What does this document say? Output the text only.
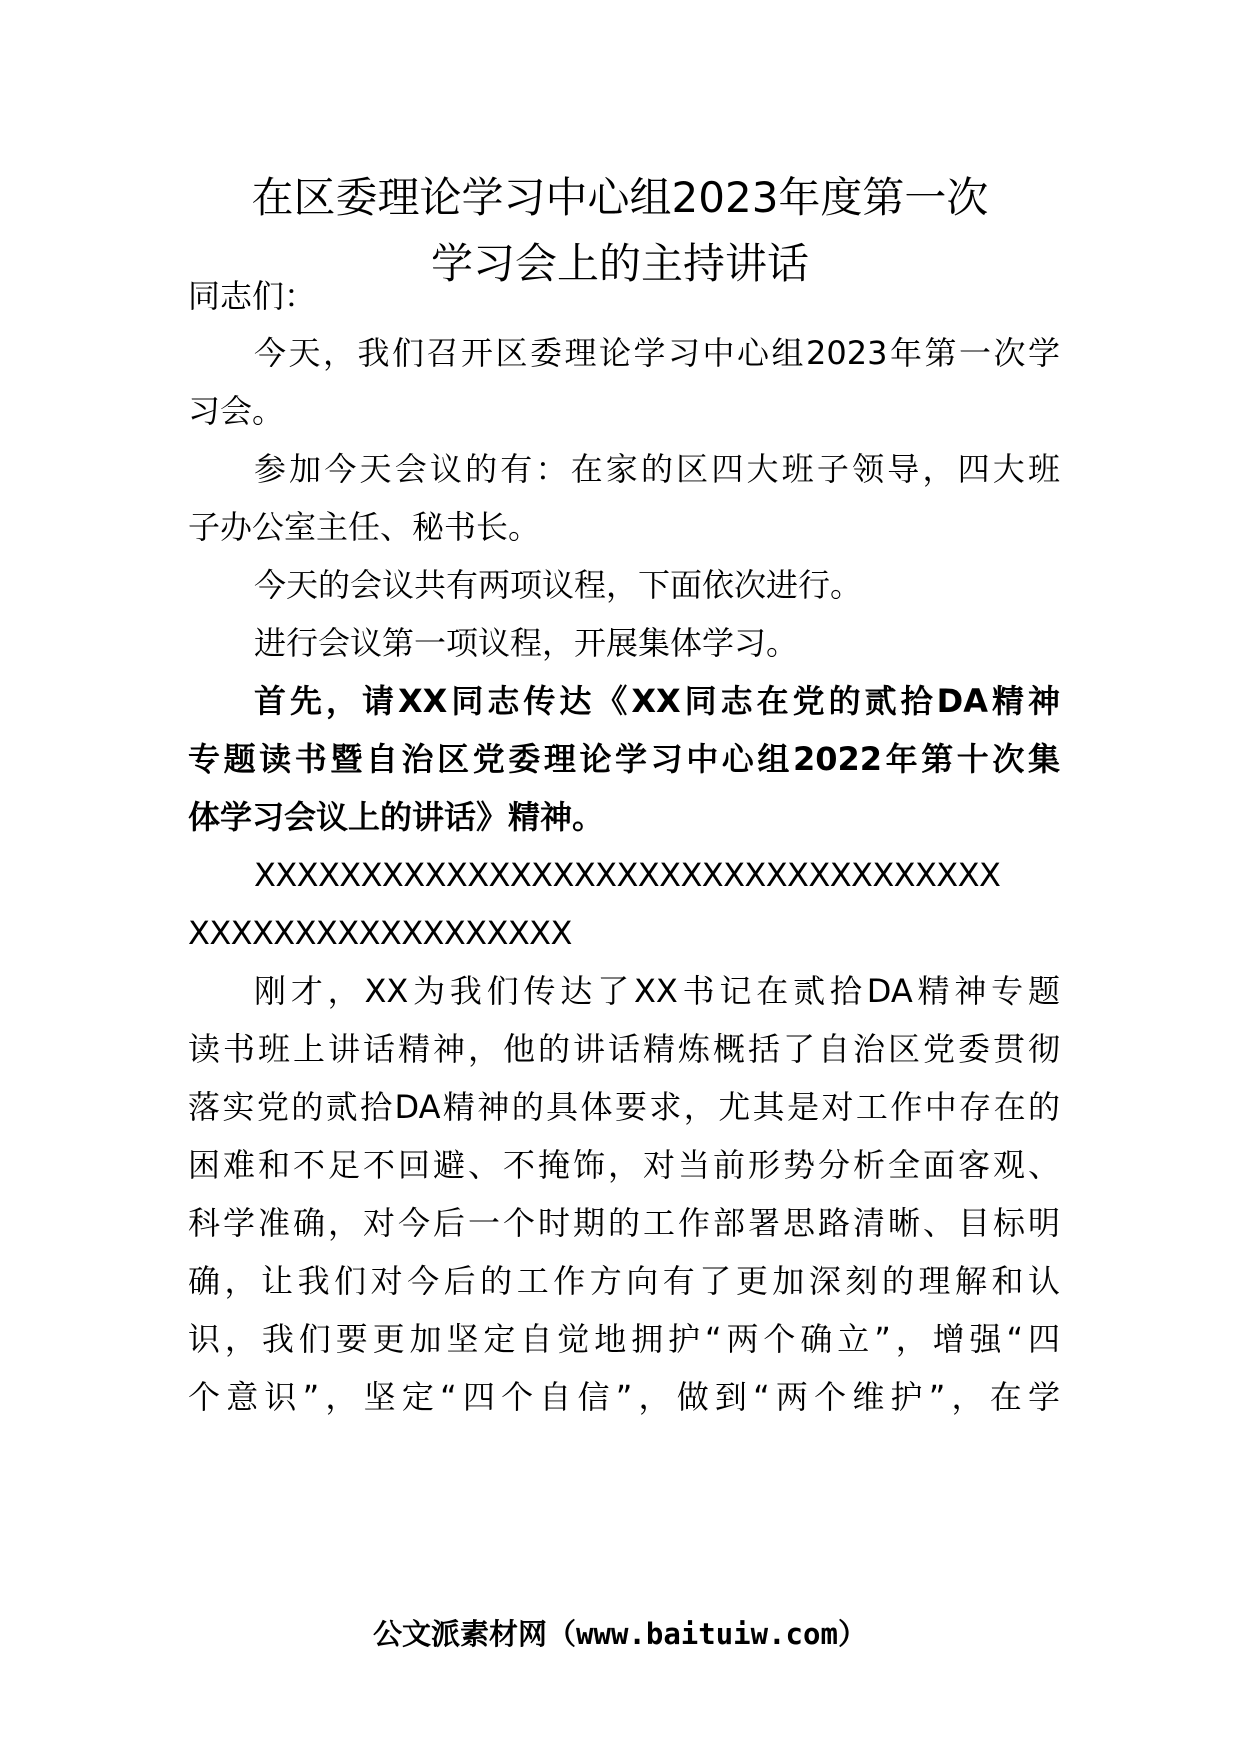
在区委理论学习中心组2023年度第一次
学习会上的主持讲话
同志们：
今天，我们召开区委理论学习中心组2023年第一次学
习会。
参加今天会议的有：在家的区四大班子领导，四大班
子办公室主任、秘书长。
今天的会议共有两项议程，下面依次进行。
进行会议第一项议程，开展集体学习。
首先，请XX同志传达《XX同志在党的贰拾DA精神
专题读书暨自治区党委理论学习中心组2022年第十次集
体学习会议上的讲话》精神。
XXXXXXXXXXXXXXXXXXXXXXXXXXXXXXXXXXX
XXXXXXXXXXXXXXXXXX
刚才，XX为我们传达了XX书记在贰拾DA精神专题
读书班上讲话精神，他的讲话精炼概括了自治区党委贯彻
落实党的贰拾DA精神的具体要求，尤其是对工作中存在的
困难和不足不回避、不掩饰，对当前形势分析全面客观、
科学准确，对今后一个时期的工作部署思路清晰、目标明
确，让我们对今后的工作方向有了更加深刻的理解和认
识，我们要更加坚定自觉地拥护“两个确立”，增强“四
个意识”，坚定“四个自信”，做到“两个维护”，在学
公文派素材网（www.baituiw.com）
